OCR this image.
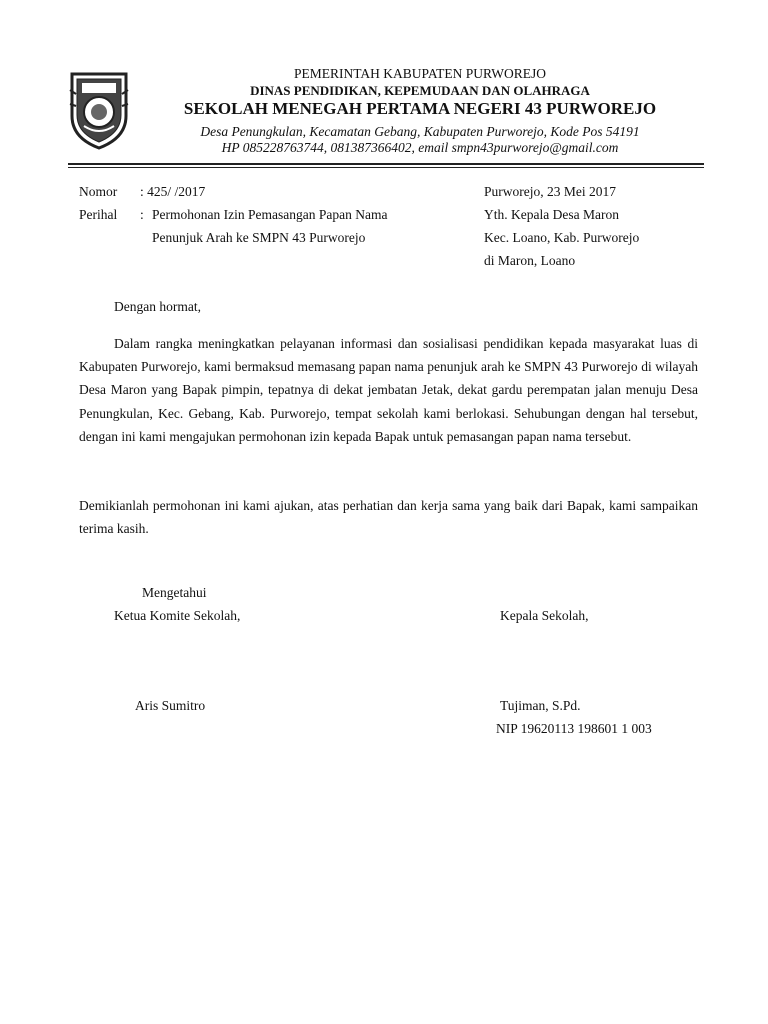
PEMERINTAH KABUPATEN PURWOREJO
DINAS PENDIDIKAN, KEPEMUDAAN DAN OLAHRAGA
SEKOLAH MENEGAH PERTAMA NEGERI 43 PURWOREJO
Desa Penungkulan, Kecamatan Gebang, Kabupaten Purworejo, Kode Pos 54191
HP 085228763744, 081387366402, email smpn43purworejo@gmail.com
Nomor : 425/ /2017
Perihal : Permohonan Izin Pemasangan Papan Nama
Penunjuk Arah ke SMPN 43 Purworejo
Purworejo, 23 Mei 2017
Yth. Kepala Desa Maron
Kec. Loano, Kab. Purworejo
di Maron, Loano
Dengan hormat,
Dalam rangka meningkatkan pelayanan informasi dan sosialisasi pendidikan kepada masyarakat luas di Kabupaten Purworejo, kami bermaksud memasang papan nama penunjuk arah ke SMPN 43 Purworejo di wilayah Desa Maron yang Bapak pimpin, tepatnya di dekat jembatan Jetak, dekat gardu perempatan jalan menuju Desa Penungkulan, Kec. Gebang, Kab. Purworejo, tempat sekolah kami berlokasi. Sehubungan dengan hal tersebut, dengan ini kami mengajukan permohonan izin kepada Bapak untuk pemasangan papan nama tersebut.
Demikianlah permohonan ini kami ajukan, atas perhatian dan kerja sama yang baik dari Bapak, kami sampaikan terima kasih.
Mengetahui
Ketua Komite Sekolah,	Kepala Sekolah,
Aris Sumitro	Tujiman, S.Pd.
NIP 19620113 198601 1 003
